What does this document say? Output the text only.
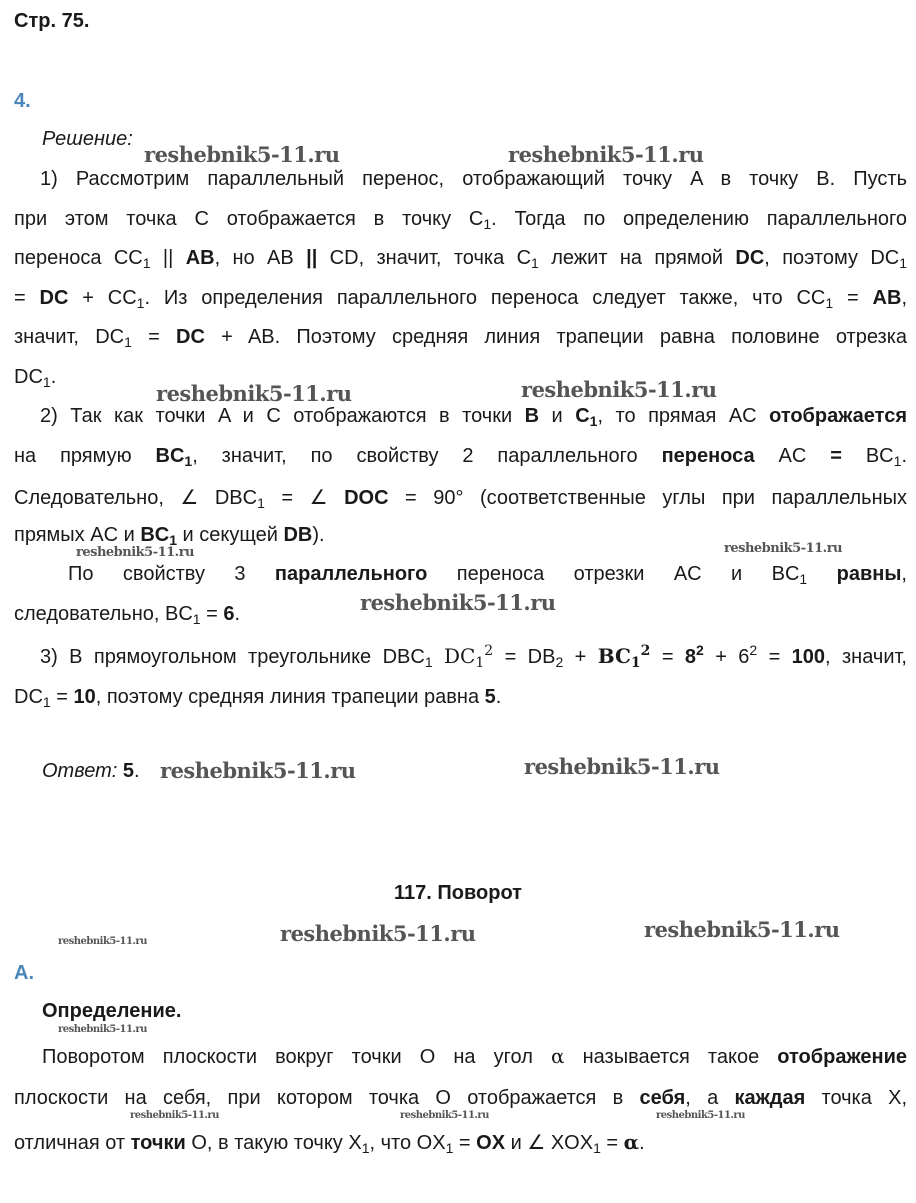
Стр. 75.
4.
Решение:
1) Рассмотрим параллельный перенос, отображающий точку A в точку B. Пусть
при этом точка C отображается в точку $C_1$. Тогда по определению параллельного
переноса $CC_1$ || AB, но AB || CD, значит, точка $C_1$ лежит на прямой DC, поэтому $DC_1$
= DC + $CC_1$. Из определения параллельного переноса следует также, что $CC_1$ = AB,
значит, $DC_1$ = DC + AB. Поэтому средняя линия трапеции равна половине отрезка
$DC_1$.
2) Так как точки A и C отображаются в точки B и $C_1$, то прямая AC отображается
на прямую $BC_1$, значит, по свойству 2 параллельного переноса AC = $BC_1$.
Следовательно, ∠ $DBC_1$ = ∠ DOC = 90° (соответственные углы при параллельных
прямых AC и $BC_1$ и секущей DB).
По свойству 3 параллельного переноса отрезки AC и $BC_1$ равны,
следовательно, $BC_1 = 6$.
3) В прямоугольном треугольнике $DBC_1$ $DC_1^2 = DB_2 + BC_1^2 = 8^2 + 6^2 = 100$, значит,
$DC_1 = 10$, поэтому средняя линия трапеции равна 5.
Ответ: 5.
117. Поворот
A.
Определение.
Поворотом плоскости вокруг точки O на угол α называется такое отображение
плоскости на себя, при котором точка O отображается в себя, а каждая точка X,
отличная от точки O, в такую точку $X_1$, что $OX_1$ = OX и ∠ $XOX_1 = \alpha$.
reshebnik5-11.ru	reshebnik5-11.ru
reshebnik5-11.ru	reshebnik5-11.ru
reshebnik5-11.ru	reshebnik5-11.ru
reshebnik5-11.ru
reshebnik5-11.ru	reshebnik5-11.ru
reshebnik5-11.ru	reshebnik5-11.ru	reshebnik5-11.ru
reshebnik5-11.ru
reshebnik5-11.ru	reshebnik5-11.ru	reshebnik5-11.ru
